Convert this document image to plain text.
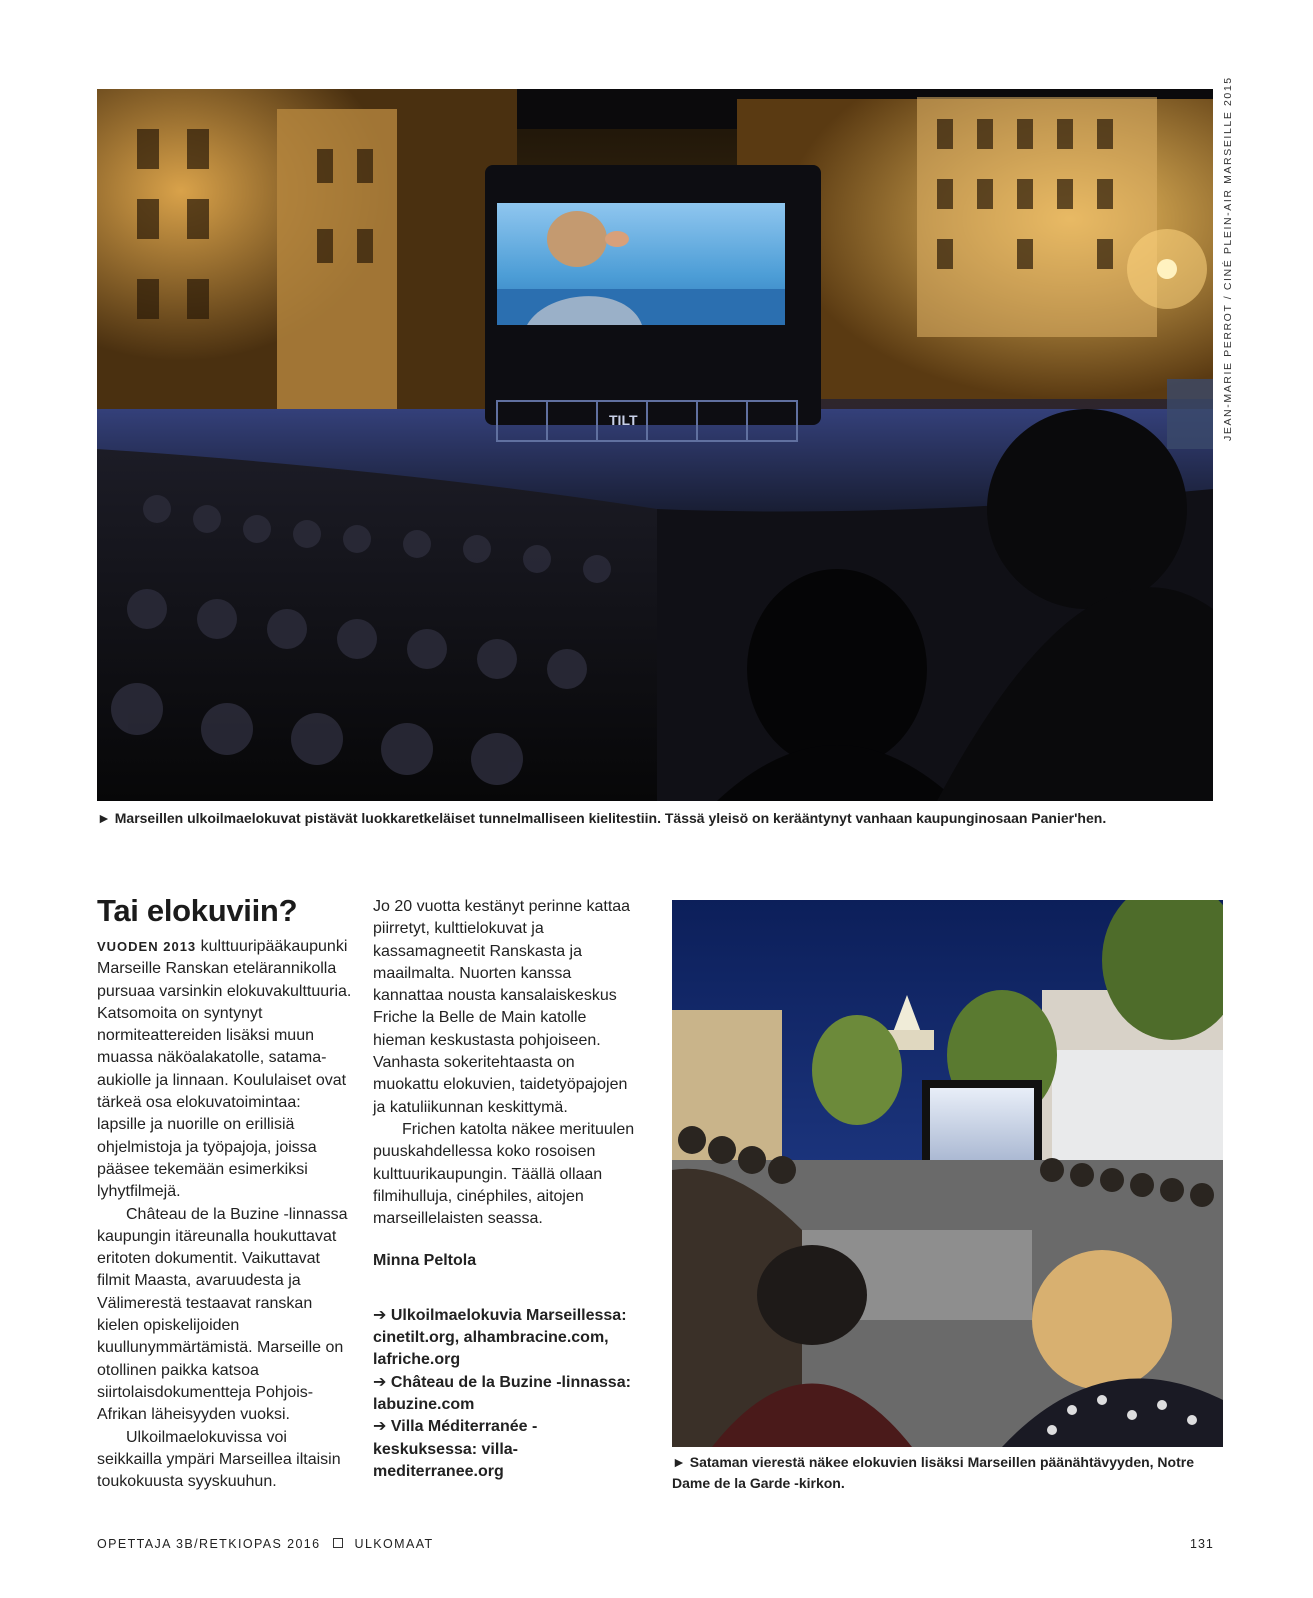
TILT	JEAN-MARIE PERROT / CINÉ PLEIN-AIR MARSEILLE 2015
► Marseillen ulkoilmaelokuvat pistävät luokkaretkeläiset tunnelmalliseen kielitestiin. Tässä yleisö on kerääntynyt vanhaan kaupunginosaan Panier'hen.
Tai elokuviin?

VUODEN 2013 kulttuuripääkaupunki Marseille Ranskan etelärannikolla pursuaa varsinkin elokuvakulttuuria. Katsomoita on syntynyt normiteattereiden lisäksi muun muassa näköalakatolle, satama-aukiolle ja linnaan. Koululaiset ovat tärkeä osa elokuvatoimintaa: lapsille ja nuorille on erillisiä ohjelmistoja ja työpajoja, joissa pääsee tekemään esimerkiksi lyhytfilmejä.

Château de la Buzine -linnassa kaupungin itäreunalla houkuttavat eritoten dokumentit. Vaikuttavat filmit Maasta, avaruudesta ja Välimerestä testaavat ranskan kielen opiskelijoiden kuullunymmärtämistä. Marseille on otollinen paikka katsoa siirtolaisdokumentteja Pohjois-Afrikan läheisyyden vuoksi.

Ulkoilmaelokuvissa voi seikkailla ympäri Marseillea iltaisin toukokuusta syyskuuhun.

Jo 20 vuotta kestänyt perinne kattaa piirretyt, kulttielokuvat ja kassamagneetit Ranskasta ja maailmalta. Nuorten kanssa kannattaa nousta kansalaiskeskus Friche la Belle de Main katolle hieman keskustasta pohjoiseen. Vanhasta sokeritehtaasta on muokattu elokuvien, taidetyöpajojen ja katuliikunnan keskittymä.

Frichen katolta näkee merituulen puuskahdellessa koko rosoisen kulttuurikaupungin. Täällä ollaan filmihulluja, cinéphiles, aitojen marseillelaisten seassa.

Minna Peltola

➔ Ulkoilmaelokuvia Marseillessa: cinetilt.org, alhambracine.com, lafriche.org
➔ Château de la Buzine -linnassa: labuzine.com
➔ Villa Méditerranée -keskuksessa: villa-mediterranee.org
► Sataman vierestä näkee elokuvien lisäksi Marseillen päänähtävyyden, Notre Dame de la Garde -kirkon.
OPETTAJA 3B/RETKIOPAS 2016	ULKOMAAT	131
